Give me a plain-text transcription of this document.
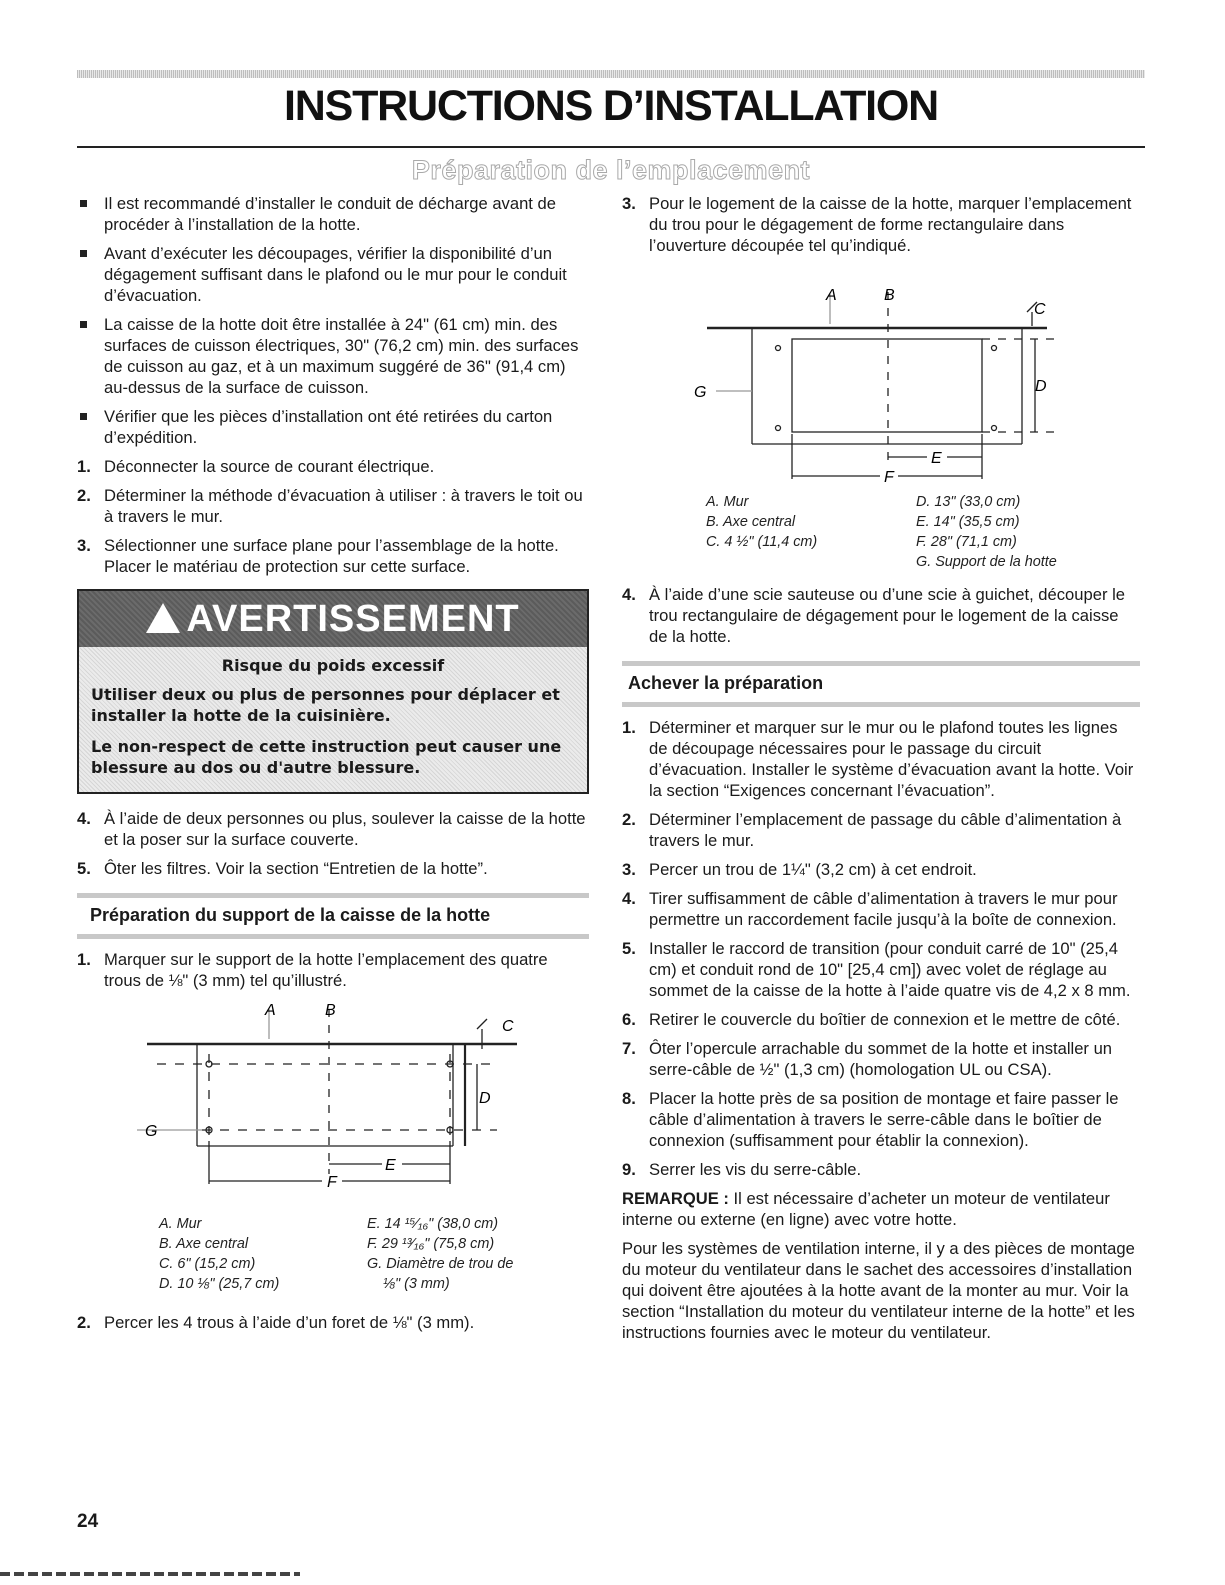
INSTRUCTIONS D’INSTALLATION
Préparation de l’emplacement
Il est recommandé d’installer le conduit de décharge avant de procéder à l’installation de la hotte.
Avant d’exécuter les découpages, vérifier la disponibilité d’un dégagement suffisant dans le plafond ou le mur pour le conduit d’évacuation.
La caisse de la hotte doit être installée à 24" (61 cm) min. des surfaces de cuisson électriques, 30" (76,2 cm) min. des surfaces de cuisson au gaz, et à un maximum suggéré de 36" (91,4 cm) au-dessus de la surface de cuisson.
Vérifier que les pièces d’installation ont été retirées du carton d’expédition.
1. Déconnecter la source de courant électrique.
2. Déterminer la méthode d’évacuation à utiliser : à travers le toit ou à travers le mur.
3. Sélectionner une surface plane pour l’assemblage de la hotte. Placer le matériau de protection sur cette surface.
AVERTISSEMENT
Risque du poids excessif
Utiliser deux ou plus de personnes pour déplacer et installer la hotte de la cuisinière.
Le non-respect de cette instruction peut causer une blessure au dos ou d'autre blessure.
4. À l’aide de deux personnes ou plus, soulever la caisse de la hotte et la poser sur la surface couverte.
5. Ôter les filtres. Voir la section “Entretien de la hotte”.
Préparation du support de la caisse de la hotte
1. Marquer sur le support de la hotte l’emplacement des quatre trous de ⅛" (3 mm) tel qu’illustré.
A	B
C
D
E
F
G
A. Mur	E. 14 ¹⁵⁄₁₆" (38,0 cm)
B. Axe central	F. 29 ¹³⁄₁₆" (75,8 cm)
C. 6" (15,2 cm)	G. Diamètre de trou de
D. 10 ⅛" (25,7 cm)	⅛" (3 mm)
2. Percer les 4 trous à l’aide d’un foret de ⅛" (3 mm).
3. Pour le logement de la caisse de la hotte, marquer l’emplacement du trou pour le dégagement de forme rectangulaire dans l’ouverture découpée tel qu’indiqué.
A	B
C
D
E
F
G
A. Mur	D. 13" (33,0 cm)
B. Axe central	E. 14" (35,5 cm)
C. 4 ½" (11,4 cm)	F. 28" (71,1 cm)
G. Support de la hotte
4. À l’aide d’une scie sauteuse ou d’une scie à guichet, découper le trou rectangulaire de dégagement pour le logement de la caisse de la hotte.
Achever la préparation
1. Déterminer et marquer sur le mur ou le plafond toutes les lignes de découpage nécessaires pour le passage du circuit d’évacuation. Installer le système d’évacuation avant la hotte. Voir la section “Exigences concernant l’évacuation”.
2. Déterminer l’emplacement de passage du câble d’alimentation à travers le mur.
3. Percer un trou de 1¼" (3,2 cm) à cet endroit.
4. Tirer suffisamment de câble d’alimentation à travers le mur pour permettre un raccordement facile jusqu’à la boîte de connexion.
5. Installer le raccord de transition (pour conduit carré de 10" (25,4 cm) et conduit rond de 10" [25,4 cm]) avec volet de réglage au sommet de la caisse de la hotte à l’aide quatre vis de 4,2 x 8 mm.
6. Retirer le couvercle du boîtier de connexion et le mettre de côté.
7. Ôter l’opercule arrachable du sommet de la hotte et installer un serre-câble de ½" (1,3 cm) (homologation UL ou CSA).
8. Placer la hotte près de sa position de montage et faire passer le câble d’alimentation à travers le serre-câble dans le boîtier de connexion (suffisamment pour établir la connexion).
9. Serrer les vis du serre-câble.
REMARQUE : Il est nécessaire d’acheter un moteur de ventilateur interne ou externe (en ligne) avec votre hotte.
Pour les systèmes de ventilation interne, il y a des pièces de montage du moteur du ventilateur dans le sachet des accessoires d’installation qui doivent être ajoutées à la hotte avant de la monter au mur. Voir la section “Installation du moteur du ventilateur interne de la hotte” et les instructions fournies avec le moteur du ventilateur.
24
